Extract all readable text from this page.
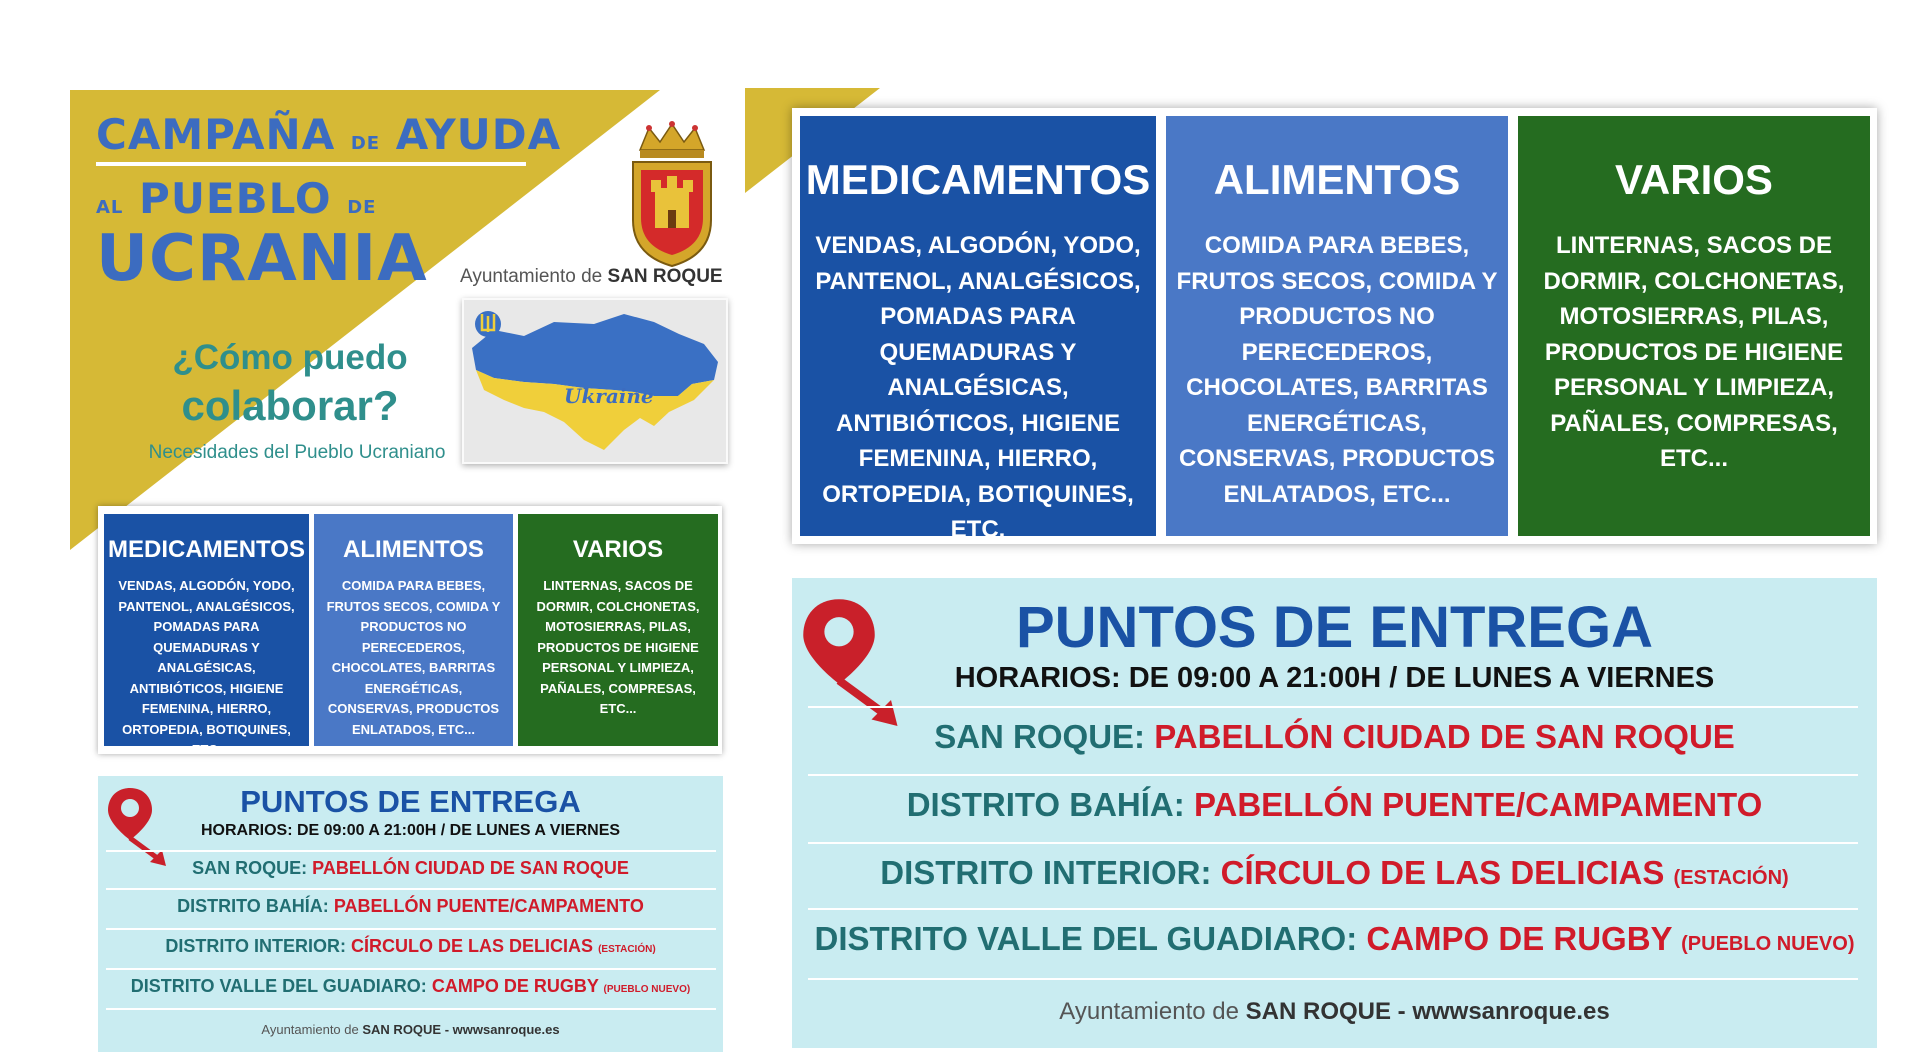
CAMPAÑA DE AYUDA
AL PUEBLO DE
UCRANIA
¿Cómo puedo
colaborar?
Necesidades del Pueblo Ucraniano
Ayuntamiento de SAN ROQUE
Ukraine
MEDICAMENTOS
VENDAS, ALGODÓN, YODO, PANTENOL, ANALGÉSICOS, POMADAS PARA QUEMADURAS Y ANALGÉSICAS, ANTIBIÓTICOS, HIGIENE FEMENINA, HIERRO, ORTOPEDIA, BOTIQUINES, ETC.
ALIMENTOS
COMIDA PARA BEBES, FRUTOS SECOS, COMIDA Y PRODUCTOS NO PERECEDEROS, CHOCOLATES, BARRITAS ENERGÉTICAS, CONSERVAS, PRODUCTOS ENLATADOS, ETC...
VARIOS
LINTERNAS, SACOS DE DORMIR, COLCHONETAS, MOTOSIERRAS, PILAS, PRODUCTOS DE HIGIENE PERSONAL Y LIMPIEZA, PAÑALES, COMPRESAS, ETC...
PUNTOS DE ENTREGA
HORARIOS: DE 09:00 A 21:00H / DE LUNES A VIERNES
SAN ROQUE: PABELLÓN CIUDAD DE SAN ROQUE
DISTRITO BAHÍA: PABELLÓN PUENTE/CAMPAMENTO
DISTRITO INTERIOR: CÍRCULO DE LAS DELICIAS (ESTACIÓN)
DISTRITO VALLE DEL GUADIARO: CAMPO DE RUGBY (PUEBLO NUEVO)
Ayuntamiento de SAN ROQUE - wwwsanroque.es
MEDICAMENTOS
VENDAS, ALGODÓN, YODO, PANTENOL, ANALGÉSICOS, POMADAS PARA QUEMADURAS Y ANALGÉSICAS, ANTIBIÓTICOS, HIGIENE FEMENINA, HIERRO, ORTOPEDIA, BOTIQUINES, ETC.
ALIMENTOS
COMIDA PARA BEBES, FRUTOS SECOS, COMIDA Y PRODUCTOS NO PERECEDEROS, CHOCOLATES, BARRITAS ENERGÉTICAS, CONSERVAS, PRODUCTOS ENLATADOS, ETC...
VARIOS
LINTERNAS, SACOS DE DORMIR, COLCHONETAS, MOTOSIERRAS, PILAS, PRODUCTOS DE HIGIENE PERSONAL Y LIMPIEZA, PAÑALES, COMPRESAS, ETC...
PUNTOS DE ENTREGA
HORARIOS: DE 09:00 A 21:00H / DE LUNES A VIERNES
SAN ROQUE: PABELLÓN CIUDAD DE SAN ROQUE
DISTRITO BAHÍA: PABELLÓN PUENTE/CAMPAMENTO
DISTRITO INTERIOR: CÍRCULO DE LAS DELICIAS (ESTACIÓN)
DISTRITO VALLE DEL GUADIARO: CAMPO DE RUGBY (PUEBLO NUEVO)
Ayuntamiento de SAN ROQUE - wwwsanroque.es
